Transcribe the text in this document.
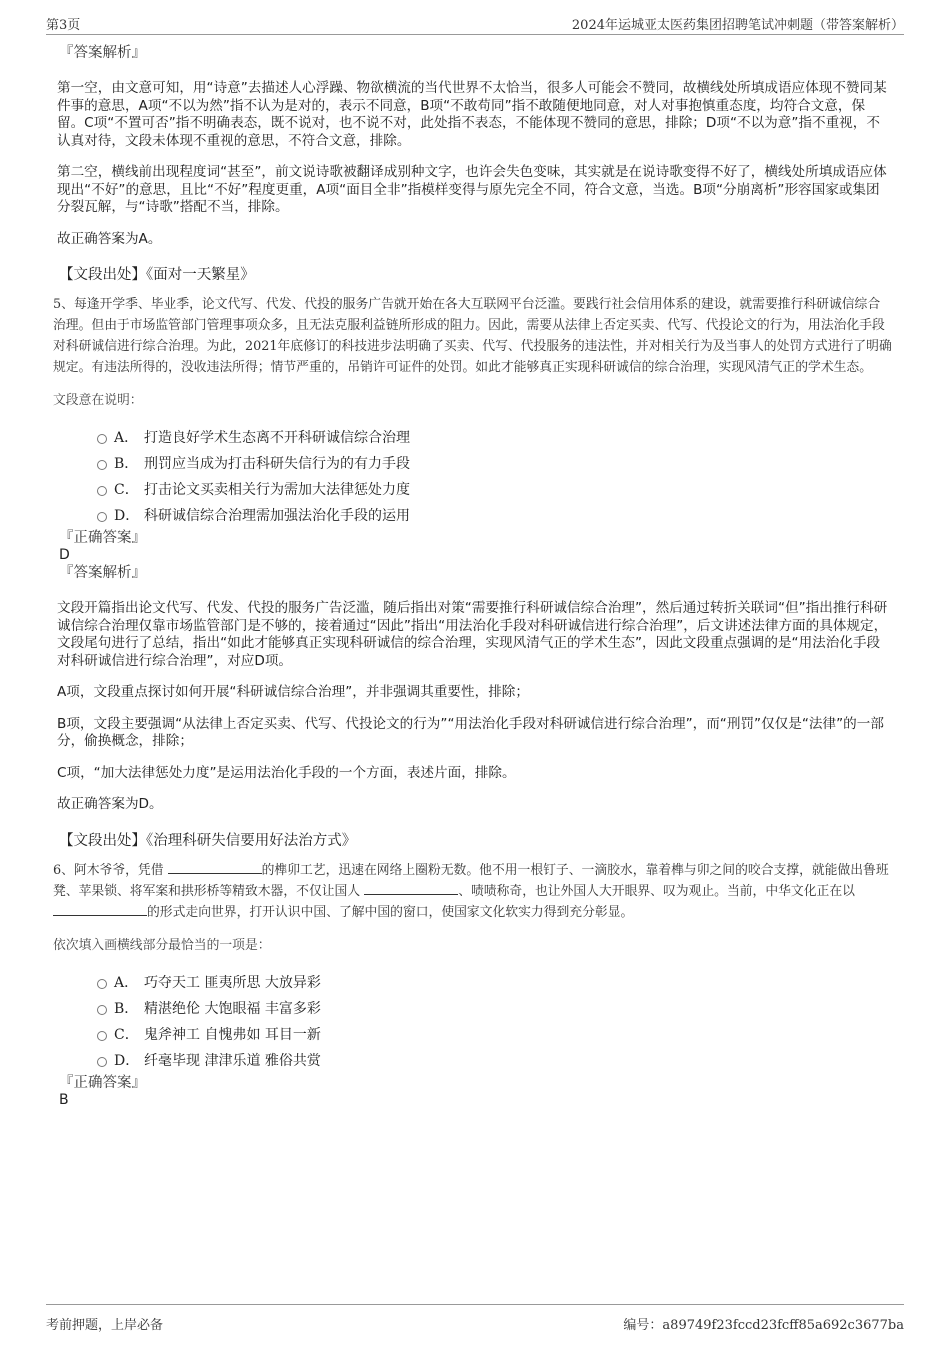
第3页	2024年运城亚太医药集团招聘笔试冲刺题（带答案解析）

『答案解析』

第一空，由文意可知，用“诗意”去描述人心浮躁、物欲横流的当代世界不太恰当，很多人可能会不赞同，故横线处所填成语应体现不赞同某件事的意思，A项“不以为然”指不认为是对的，表示不同意，B项“不敢苟同”指不敢随便地同意，对人对事抱慎重态度，均符合文意，保留。C项“不置可否”指不明确表态，既不说对，也不说不对，此处指不表态，不能体现不赞同的意思，排除；D项“不以为意”指不重视，不认真对待，文段未体现不重视的意思，不符合文意，排除。

第二空，横线前出现程度词“甚至”，前文说诗歌被翻译成别种文字，也许会失色变味，其实就是在说诗歌变得不好了，横线处所填成语应体现出“不好”的意思，且比“不好”程度更重，A项“面目全非”指模样变得与原先完全不同，符合文意，当选。B项“分崩离析”形容国家或集团分裂瓦解，与“诗歌”搭配不当，排除。

故正确答案为A。

【文段出处】《面对一天繁星》

5、每逢开学季、毕业季，论文代写、代发、代投的服务广告就开始在各大互联网平台泛滥。要践行社会信用体系的建设，就需要推行科研诚信综合治理。但由于市场监管部门管理事项众多，且无法克服利益链所形成的阻力。因此，需要从法律上否定买卖、代写、代投论文的行为，用法治化手段对科研诚信进行综合治理。为此，2021年底修订的科技进步法明确了买卖、代写、代投服务的违法性，并对相关行为及当事人的处罚方式进行了明确规定。有违法所得的，没收违法所得；情节严重的，吊销许可证件的处罚。如此才能够真正实现科研诚信的综合治理，实现风清气正的学术生态。

文段意在说明：

A． 打造良好学术生态离不开科研诚信综合治理
B． 刑罚应当成为打击科研失信行为的有力手段
C． 打击论文买卖相关行为需加大法律惩处力度
D． 科研诚信综合治理需加强法治化手段的运用

『正确答案』

D

『答案解析』

文段开篇指出论文代写、代发、代投的服务广告泛滥，随后指出对策“需要推行科研诚信综合治理”，然后通过转折关联词“但”指出推行科研诚信综合治理仅靠市场监管部门是不够的，接着通过“因此”指出“用法治化手段对科研诚信进行综合治理”，后文讲述法律方面的具体规定，文段尾句进行了总结，指出“如此才能够真正实现科研诚信的综合治理，实现风清气正的学术生态”，因此文段重点强调的是“用法治化手段对科研诚信进行综合治理”，对应D项。

A项，文段重点探讨如何开展“科研诚信综合治理”，并非强调其重要性，排除；

B项，文段主要强调“从法律上否定买卖、代写、代投论文的行为”“用法治化手段对科研诚信进行综合治理”，而“刑罚”仅仅是“法律”的一部分，偷换概念，排除；

C项，“加大法律惩处力度”是运用法治化手段的一个方面，表述片面，排除。

故正确答案为D。

【文段出处】《治理科研失信要用好法治方式》

6、阿木爷爷，凭借	的榫卯工艺，迅速在网络上圈粉无数。他不用一根钉子、一滴胶水，靠着榫与卯之间的咬合支撑，就能做出鲁班凳、苹果锁、将军案和拱形桥等精致木器，不仅让国人	、啧啧称奇，也让外国人大开眼界、叹为观止。当前，中华文化正在以 的形式走向世界，打开认识中国、了解中国的窗口，使国家文化软实力得到充分彰显。

依次填入画横线部分最恰当的一项是：

A． 巧夺天工 匪夷所思 大放异彩
B． 精湛绝伦 大饱眼福 丰富多彩
C． 鬼斧神工 自愧弗如 耳目一新
D． 纤毫毕现 津津乐道 雅俗共赏

『正确答案』

B

考前押题，上岸必备	编号：a89749f23fccd23fcff85a692c3677ba
